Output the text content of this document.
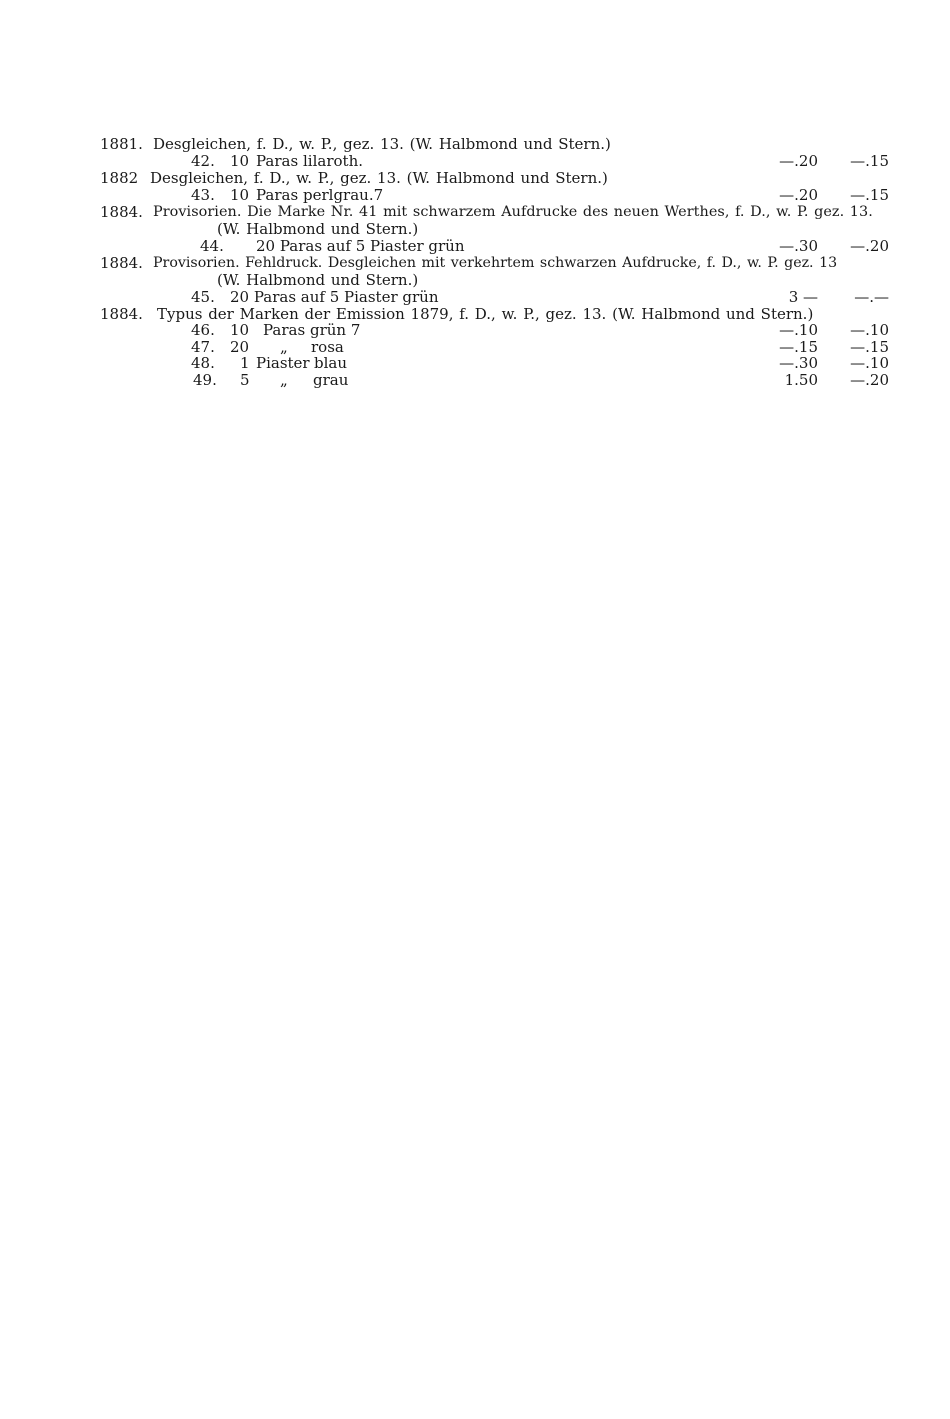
1881. Desgleichen, f. D., w. P., gez. 13. (W. Halbmond und Stern.)
42. 10 Paras lilaroth.	—.20	—.15
1882 Desgleichen, f. D., w. P., gez. 13. (W. Halbmond und Stern.)
43. 10 Paras perlgrau.7	—.20	—.15
1884. Provisorien. Die Marke Nr. 41 mit schwarzem Aufdrucke des neuen Werthes, f. D., w. P. gez. 13.
(W. Halbmond und Stern.)
44. 20 Paras auf 5 Piaster grün	—.30	—.20
1884. Provisorien. Fehldruck. Desgleichen mit verkehrtem schwarzen Aufdrucke, f. D., w. P. gez. 13
(W. Halbmond und Stern.)
45. 20 Paras auf 5 Piaster grün	3 —	—.—
1884. Typus der Marken der Emission 1879, f. D., w. P., gez. 13. (W. Halbmond und Stern.)
46. 10 Paras grün 7	—.10	—.10
47. 20 „ rosa	—.15	—.15
48. 1 Piaster blau	—.30	—.10
49. 5 „ grau	1.50	—.20
